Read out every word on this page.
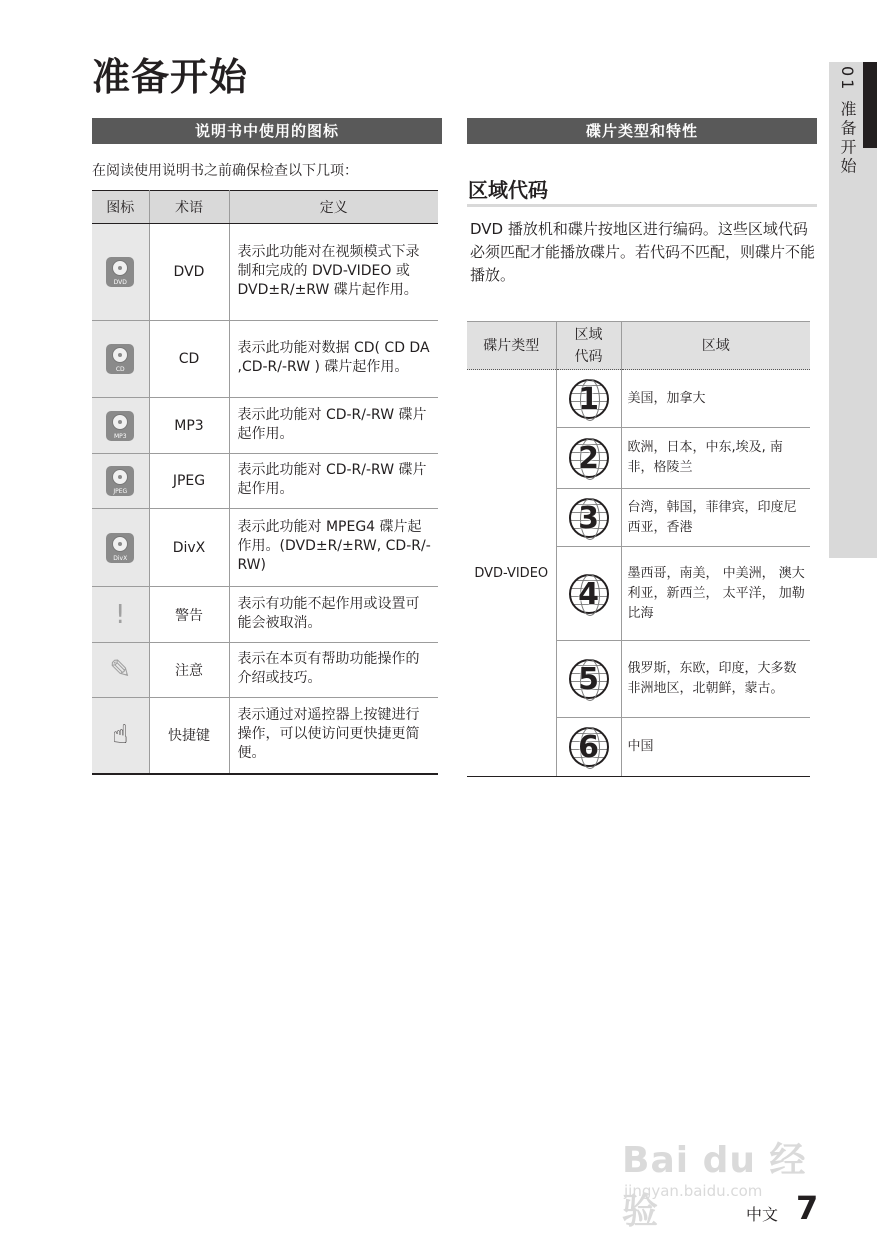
准备开始	01 准备开始
说明书中使用的图标
在阅读使用说明书之前确保检查以下几项：
图标	术语	定义

DVD	DVD	表示此功能对在视频模式下录制和完成的 DVD-VIDEO 或 DVD±R/±RW 碟片起作用。

CD	CD	表示此功能对数据 CD( CD DA ,CD-R/-RW ) 碟片起作用。

MP3	MP3	表示此功能对 CD-R/-RW 碟片起作用。

JPEG	JPEG	表示此功能对 CD-R/-RW 碟片起作用。

DivX	DivX	表示此功能对 MPEG4 碟片起作用。(DVD±R/±RW, CD-R/-RW)
!	警告	表示有功能不起作用或设置可能会被取消。
✎	注意	表示在本页有帮助功能操作的介绍或技巧。
☝	快捷键	表示通过对遥控器上按键进行操作，可以使访问更快捷更简便。
碟片类型和特性
区域代码
DVD 播放机和碟片按地区进行编码。这些区域代码必须匹配才能播放碟片。若代码不匹配，则碟片不能播放。
碟片类型	区域代码	区域
DVD-VIDEO	1	美国，加拿大

	2	欧洲，日本，中东,埃及, 南非，格陵兰

	3	台湾，韩国，菲律宾，印度尼西亚，香港

	4	墨西哥，南美， 中美洲， 澳大利亚，新西兰， 太平洋， 加勒比海

	5	俄罗斯，东欧，印度，大多数非洲地区，北朝鲜，蒙古。

	6	中国
Bai du 经验
jingyan.baidu.com
中文 7
